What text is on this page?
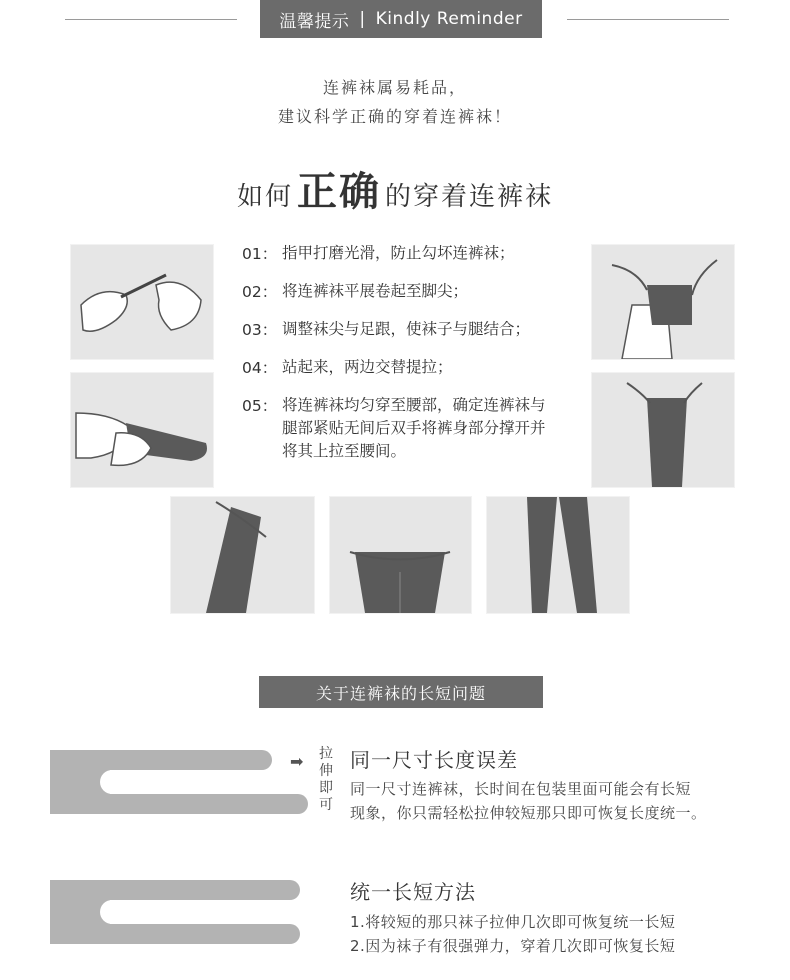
温馨提示 | Kindly Reminder
连裤袜属易耗品，
建议科学正确的穿着连裤袜！
如何 正确 的穿着连裤袜
01： 指甲打磨光滑，防止勾坏连裤袜；
02： 将连裤袜平展卷起至脚尖；
03： 调整袜尖与足跟，使袜子与腿结合；
04： 站起来，两边交替提拉；
05： 将连裤袜均匀穿至腰部，确定连裤袜与腿部紧贴无间后双手将裤身部分撑开并将其上拉至腰间。
关于连裤袜的长短问题
➡ 拉
伸
即
可
同一尺寸长度误差
同一尺寸连裤袜，长时间在包装里面可能会有长短
现象，你只需轻松拉伸较短那只即可恢复长度统一。
统一长短方法
1.将较短的那只袜子拉伸几次即可恢复统一长短
2.因为袜子有很强弹力，穿着几次即可恢复长短
